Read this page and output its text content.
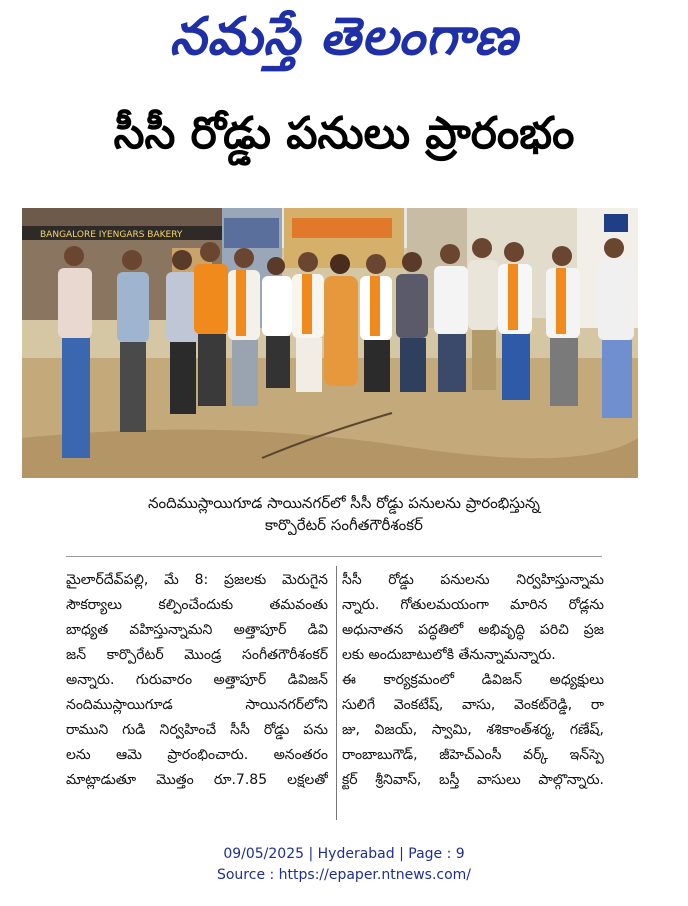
నమస్తే తెలంగాణ
సీసీ రోడ్డు పనులు ప్రారంభం
BANGALORE IYENGARS BAKERY
నందిముస్లాయిగూడ సాయినగర్‌లో సీసీ రోడ్డు పనులను ప్రారంభిస్తున్న
కార్పొరేటర్ సంగీతగౌరీశంకర్
మైలార్‌దేవ్‌పల్లి, మే 8: ప్రజలకు మెరుగైన
సౌకర్యాలు కల్పించేందుకు తమవంతు
బాధ్యత వహిస్తున్నామని అత్తాపూర్ డివి
జన్ కార్పొరేటర్ మొండ్ర సంగీతగౌరీశంకర్
అన్నారు. గురువారం అత్తాపూర్ డివిజన్
నందిముస్లాయిగూడ సాయినగర్‌లోని
రాముని గుడి నిర్వహించే సీసీ రోడ్డు పను
లను ఆమె ప్రారంభించారు. అనంతరం
మాట్లాడుతూ మొత్తం రూ.7.85 లక్షలతో
సీసీ రోడ్డు పనులను నిర్వహిస్తున్నామ
న్నారు. గోతులమయంగా మారిన రోడ్లను
అధునాతన పద్ధతిలో అభివృద్ధి పరిచి ప్రజ
లకు అందుబాటులోకి తేనున్నామన్నారు.
ఈ కార్యక్రమంలో డివిజన్ అధ్యక్షులు
సులిగే వెంకటేష్, వాసు, వెంకట్‌రెడ్డి, రా
జు, విజయ్, స్వామి, శశికాంత్‌శర్మ, గణేష్,
రాంబాబుగౌడ్, జీహెచ్‌ఎంసీ వర్క్ ఇన్‌స్పె
క్టర్ శ్రీనివాస్, బస్తీ వాసులు పాల్గొన్నారు.
09/05/2025 | Hyderabad | Page : 9
Source : https://epaper.ntnews.com/
